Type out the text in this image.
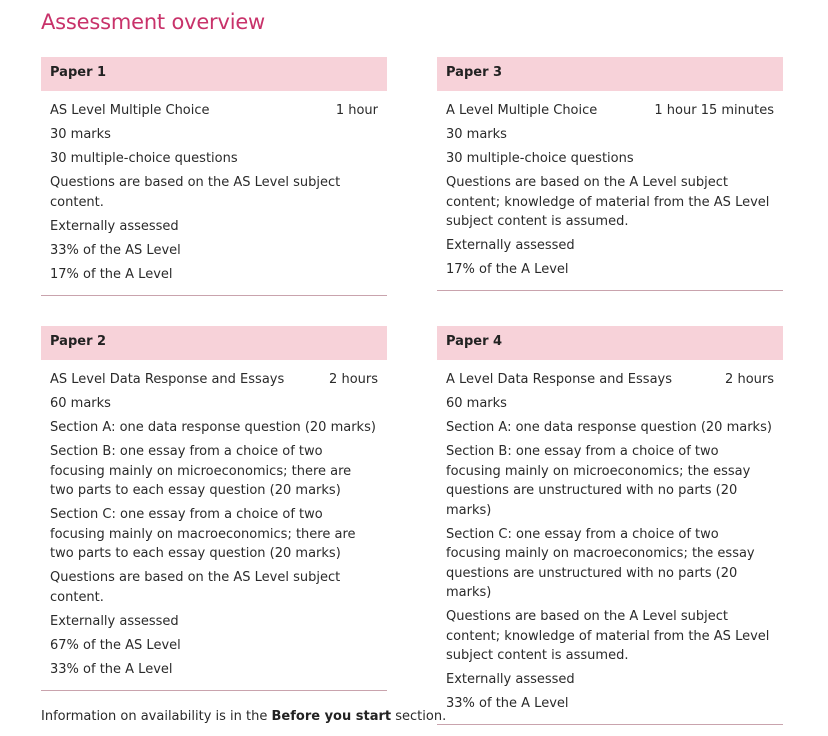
Assessment overview
Paper 1
AS Level Multiple Choice	1 hour
30 marks
30 multiple-choice questions
Questions are based on the AS Level subject content.
Externally assessed
33% of the AS Level
17% of the A Level
Paper 3
A Level Multiple Choice	1 hour 15 minutes
30 marks
30 multiple-choice questions
Questions are based on the A Level subject content; knowledge of material from the AS Level subject content is assumed.
Externally assessed
17% of the A Level
Paper 2
AS Level Data Response and Essays	2 hours
60 marks
Section A: one data response question (20 marks)
Section B: one essay from a choice of two focusing mainly on microeconomics; there are two parts to each essay question (20 marks)
Section C: one essay from a choice of two focusing mainly on macroeconomics; there are two parts to each essay question (20 marks)
Questions are based on the AS Level subject content.
Externally assessed
67% of the AS Level
33% of the A Level
Paper 4
A Level Data Response and Essays	2 hours
60 marks
Section A: one data response question (20 marks)
Section B: one essay from a choice of two focusing mainly on microeconomics; the essay questions are unstructured with no parts (20 marks)
Section C: one essay from a choice of two focusing mainly on macroeconomics; the essay questions are unstructured with no parts (20 marks)
Questions are based on the A Level subject content; knowledge of material from the AS Level subject content is assumed.
Externally assessed
33% of the A Level
Information on availability is in the Before you start section.
